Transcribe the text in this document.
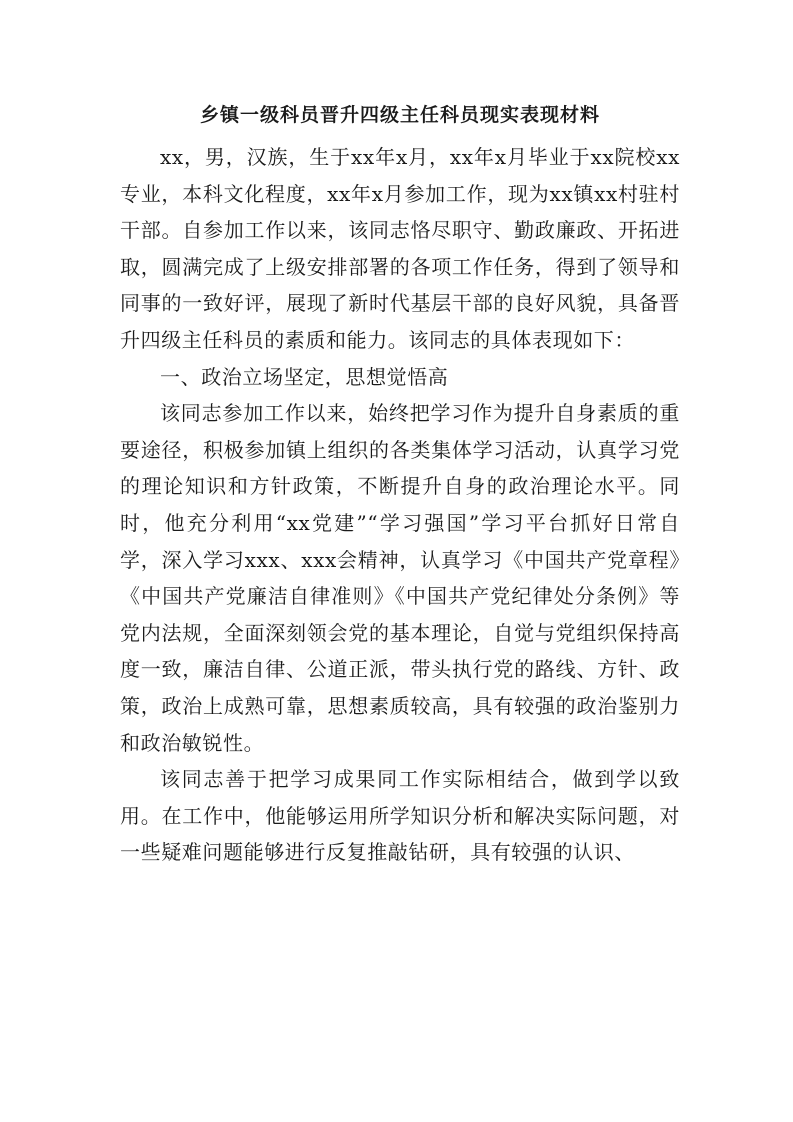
乡镇一级科员晋升四级主任科员现实表现材料

xx，男，汉族，生于xx年x月，xx年x月毕业于xx院校xx专业，本科文化程度，xx年x月参加工作，现为xx镇xx村驻村干部。自参加工作以来，该同志恪尽职守、勤政廉政、开拓进取，圆满完成了上级安排部署的各项工作任务，得到了领导和同事的一致好评，展现了新时代基层干部的良好风貌，具备晋升四级主任科员的素质和能力。该同志的具体表现如下：

一、政治立场坚定，思想觉悟高

该同志参加工作以来，始终把学习作为提升自身素质的重要途径，积极参加镇上组织的各类集体学习活动，认真学习党的理论知识和方针政策，不断提升自身的政治理论水平。同时，他充分利用“xx党建”“学习强国”学习平台抓好日常自学，深入学习xxx、xxx会精神，认真学习《中国共产党章程》《中国共产党廉洁自律准则》《中国共产党纪律处分条例》等党内法规，全面深刻领会党的基本理论，自觉与党组织保持高度一致，廉洁自律、公道正派，带头执行党的路线、方针、政策，政治上成熟可靠，思想素质较高，具有较强的政治鉴别力和政治敏锐性。

该同志善于把学习成果同工作实际相结合，做到学以致用。在工作中，他能够运用所学知识分析和解决实际问题，对一些疑难问题能够进行反复推敲钻研，具有较强的认识、
